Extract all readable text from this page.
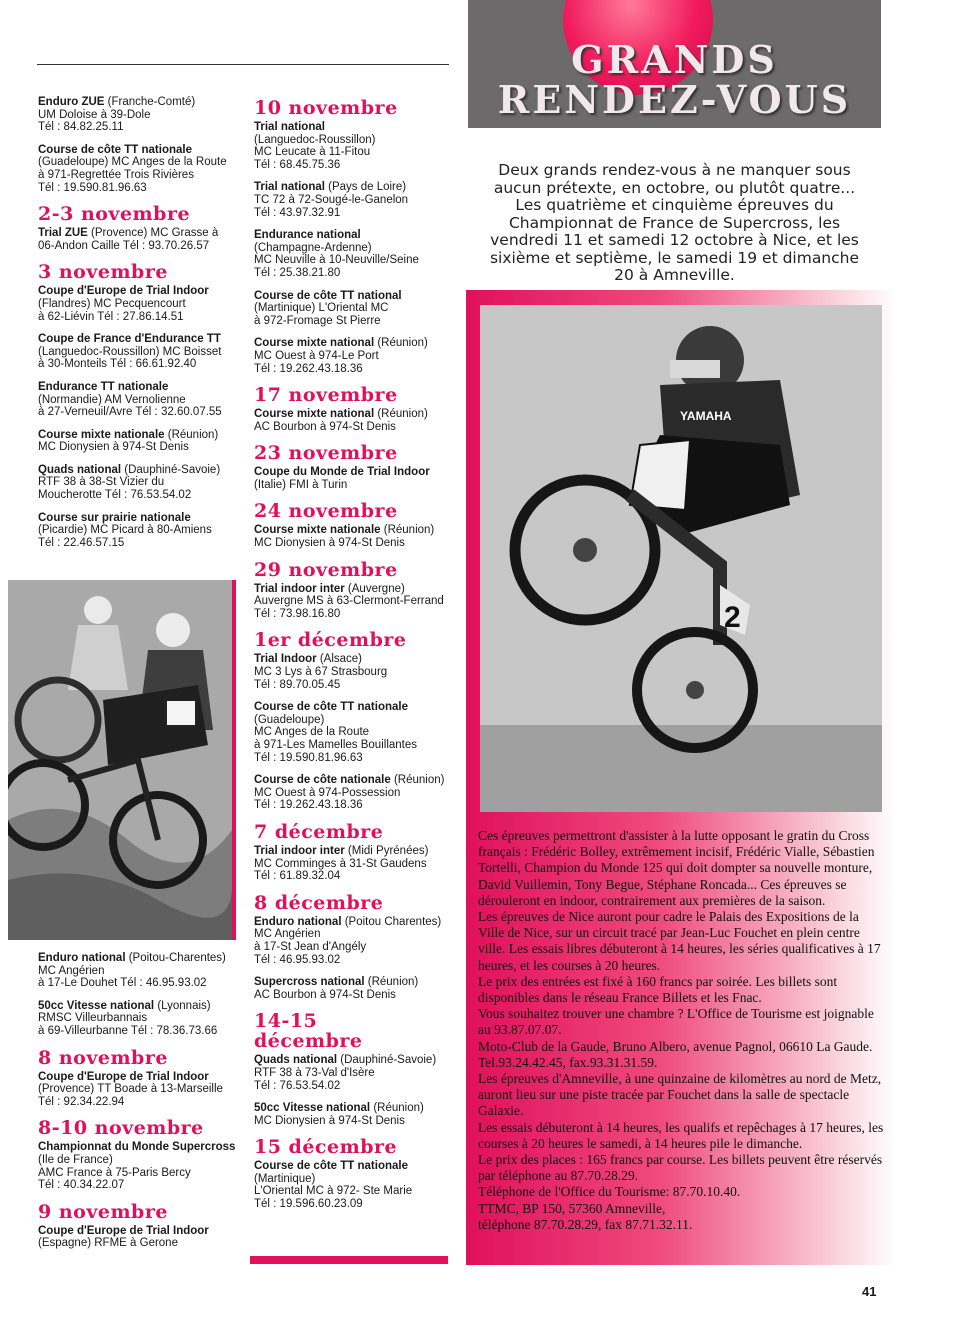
Enduro ZUE (Franche-Comté)
UM Doloise à 39-Dole
Tél : 84.82.25.11
Course de côte TT nationale
(Guadeloupe) MC Anges de la Route
à 971-Regrettée Trois Rivières
Tél : 19.590.81.96.63
2-3 novembre
Trial ZUE (Provence) MC Grasse à
06-Andon Caille Tél : 93.70.26.57
3 novembre
Coupe d'Europe de Trial Indoor
(Flandres) MC Pecquencourt
à 62-Liévin Tél : 27.86.14.51
Coupe de France d'Endurance TT
(Languedoc-Roussillon) MC Boisset
à 30-Monteils Tél : 66.61.92.40
Endurance TT nationale
(Normandie) AM Vernolienne
à 27-Verneuil/Avre Tél : 32.60.07.55
Course mixte nationale (Réunion)
MC Dionysien à 974-St Denis
Quads national (Dauphiné-Savoie)
RTF 38 à 38-St Vizier du
Moucherotte Tél : 76.53.54.02
Course sur prairie nationale
(Picardie) MC Picard à 80-Amiens
Tél : 22.46.57.15
Enduro national (Poitou-Charentes)
MC Angérien
à 17-Le Douhet Tél : 46.95.93.02
50cc Vitesse national (Lyonnais)
RMSC Villeurbannais
à 69-Villeurbanne Tél : 78.36.73.66
8 novembre
Coupe d'Europe de Trial Indoor
(Provence) TT Boade à 13-Marseille
Tél : 92.34.22.94
8-10 novembre
Championnat du Monde Supercross
(Ile de France)
AMC France à 75-Paris Bercy
Tél : 40.34.22.07
9 novembre
Coupe d'Europe de Trial Indoor
(Espagne) RFME à Gerone
10 novembre
Trial national
(Languedoc-Roussillon)
MC Leucate à 11-Fitou
Tél : 68.45.75.36
Trial national (Pays de Loire)
TC 72 à 72-Sougé-le-Ganelon
Tél : 43.97.32.91
Endurance national
(Champagne-Ardenne)
MC Neuville à 10-Neuville/Seine
Tél : 25.38.21.80
Course de côte TT national
(Martinique) L'Oriental MC
à 972-Fromage St Pierre
Course mixte national (Réunion)
MC Ouest à 974-Le Port
Tél : 19.262.43.18.36
17 novembre
Course mixte national (Réunion)
AC Bourbon à 974-St Denis
23 novembre
Coupe du Monde de Trial Indoor
(Italie) FMI à Turin
24 novembre
Course mixte nationale (Réunion)
MC Dionysien à 974-St Denis
29 novembre
Trial indoor inter (Auvergne)
Auvergne MS à 63-Clermont-Ferrand
Tél : 73.98.16.80
1er décembre
Trial Indoor (Alsace)
MC 3 Lys à 67 Strasbourg
Tél : 89.70.05.45
Course de côte TT nationale
(Guadeloupe)
MC Anges de la Route
à 971-Les Mamelles Bouillantes
Tél : 19.590.81.96.63
Course de côte nationale (Réunion)
MC Ouest à 974-Possession
Tél : 19.262.43.18.36
7 décembre
Trial indoor inter (Midi Pyrénées)
MC Comminges à 31-St Gaudens
Tél : 61.89.32.04
8 décembre
Enduro national (Poitou Charentes)
MC Angérien
à 17-St Jean d'Angély
Tél : 46.95.93.02
Supercross national (Réunion)
AC Bourbon à 974-St Denis
14-15
décembre
Quads national (Dauphiné-Savoie)
RTF 38 à 73-Val d'Isère
Tél : 76.53.54.02
50cc Vitesse national (Réunion)
MC Dionysien à 974-St Denis
15 décembre
Course de côte TT nationale
(Martinique)
L'Oriental MC à 972- Ste Marie
Tél : 19.596.60.23.09
GRANDS
RENDEZ-VOUS
Deux grands rendez-vous à ne manquer sous aucun prétexte, en octobre, ou plutôt quatre... Les quatrième et cinquième épreuves du Championnat de France de Supercross, les vendredi 11 et samedi 12 octobre à Nice, et les sixième et septième, le samedi 19 et dimanche 20 à Amneville.
YAMAHA
2

Ces épreuves permettront d'assister à la lutte opposant le gratin du Cross français : Frédéric Bolley, extrêmement incisif, Frédéric Vialle, Sébastien Tortelli, Champion du Monde 125 qui doit dompter sa nouvelle monture, David Vuillemin, Tony Begue, Stéphane Roncada... Ces épreuves se dérouleront en indoor, contrairement aux premières de la saison.

Les épreuves de Nice auront pour cadre le Palais des Expositions de la Ville de Nice, sur un circuit tracé par Jean-Luc Fouchet en plein centre ville. Les essais libres débuteront à 14 heures, les séries qualificatives à 17 heures, et les courses à 20 heures.

Le prix des entrées est fixé à 160 francs par soirée. Les billets sont disponibles dans le réseau France Billets et les Fnac.

Vous souhaitez trouver une chambre ? L'Office de Tourisme est joignable au 93.87.07.07.

Moto-Club de la Gaude, Bruno Albero, avenue Pagnol, 06610 La Gaude. Tel.93.24.42.45, fax.93.31.31.59.

Les épreuves d'Amneville, à une quinzaine de kilomètres au nord de Metz, auront lieu sur une piste tracée par Fouchet dans la salle de spectacle Galaxie.

Les essais débuteront à 14 heures, les qualifs et repêchages à 17 heures, les courses à 20 heures le samedi, à 14 heures pile le dimanche.

Le prix des places : 165 francs par course. Les billets peuvent être réservés par téléphone au 87.70.28.29.

Téléphone de l'Office du Tourisme: 87.70.10.40.

TTMC, BP 150, 57360 Amneville,

téléphone 87.70.28.29, fax 87.71.32.11.

41
